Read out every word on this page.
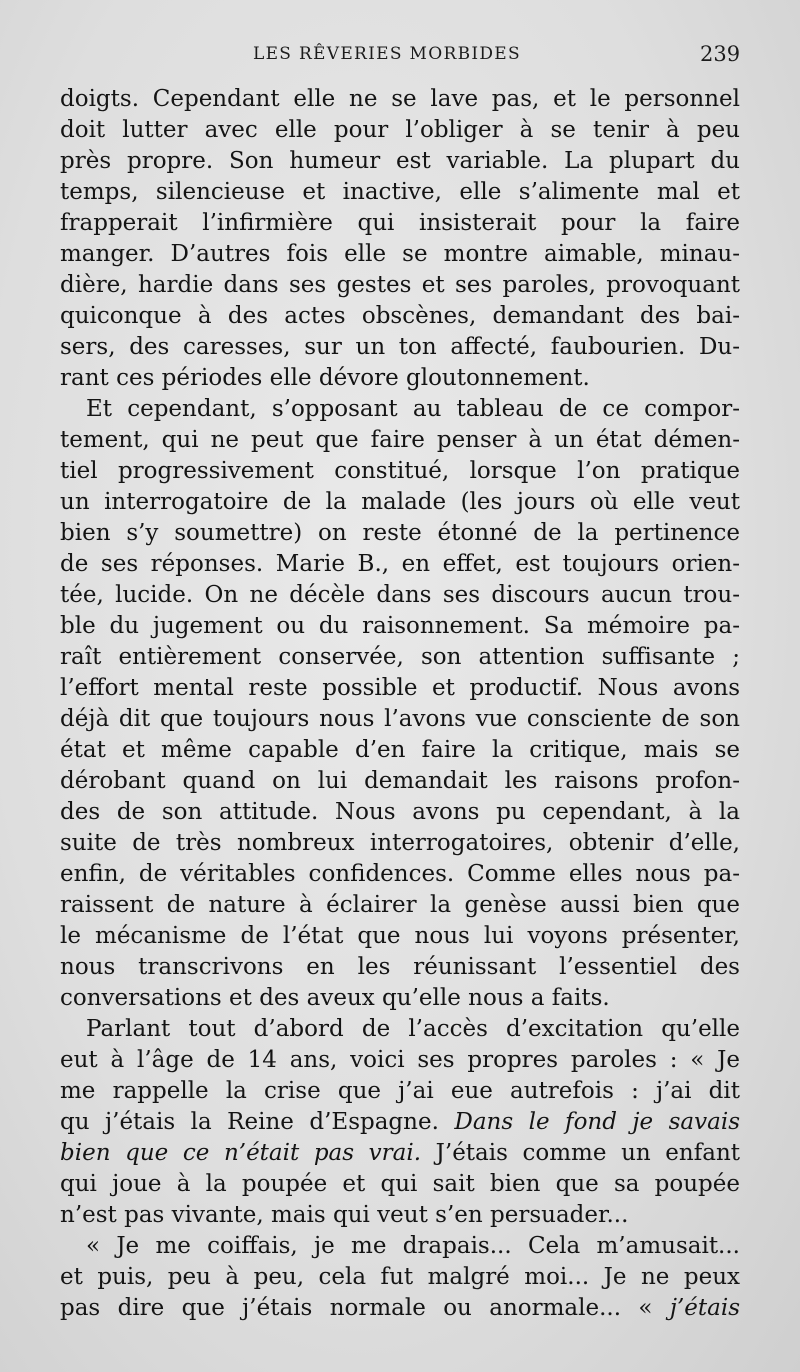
LES RÊVERIES MORBIDES	239
doigts. Cependant elle ne se lave pas, et le personnel
doit lutter avec elle pour l’obliger à se tenir à peu
près propre. Son humeur est variable. La plupart du
temps, silencieuse et inactive, elle s’alimente mal et
frapperait l’infirmière qui insisterait pour la faire
manger. D’autres fois elle se montre aimable, minau-
dière, hardie dans ses gestes et ses paroles, provoquant
quiconque à des actes obscènes, demandant des bai-
sers, des caresses, sur un ton affecté, faubourien. Du-
rant ces périodes elle dévore gloutonnement.
Et cependant, s’opposant au tableau de ce compor-
tement, qui ne peut que faire penser à un état démen-
tiel progressivement constitué, lorsque l’on pratique
un interrogatoire de la malade (les jours où elle veut
bien s’y soumettre) on reste étonné de la pertinence
de ses réponses. Marie B., en effet, est toujours orien-
tée, lucide. On ne décèle dans ses discours aucun trou-
ble du jugement ou du raisonnement. Sa mémoire pa-
raît entièrement conservée, son attention suffisante ;
l’effort mental reste possible et productif. Nous avons
déjà dit que toujours nous l’avons vue consciente de son
état et même capable d’en faire la critique, mais se
dérobant quand on lui demandait les raisons profon-
des de son attitude. Nous avons pu cependant, à la
suite de très nombreux interrogatoires, obtenir d’elle,
enfin, de véritables confidences. Comme elles nous pa-
raissent de nature à éclairer la genèse aussi bien que
le mécanisme de l’état que nous lui voyons présenter,
nous transcrivons en les réunissant l’essentiel des
conversations et des aveux qu’elle nous a faits.
Parlant tout d’abord de l’accès d’excitation qu’elle
eut à l’âge de 14 ans, voici ses propres paroles : « Je
me rappelle la crise que j’ai eue autrefois : j’ai dit
qu j’étais la Reine d’Espagne. Dans le fond je savais
bien que ce n’était pas vrai. J’étais comme un enfant
qui joue à la poupée et qui sait bien que sa poupée
n’est pas vivante, mais qui veut s’en persuader...
« Je me coiffais, je me drapais... Cela m’amusait...
et puis, peu à peu, cela fut malgré moi... Je ne peux
pas dire que j’étais normale ou anormale... « j’étais
